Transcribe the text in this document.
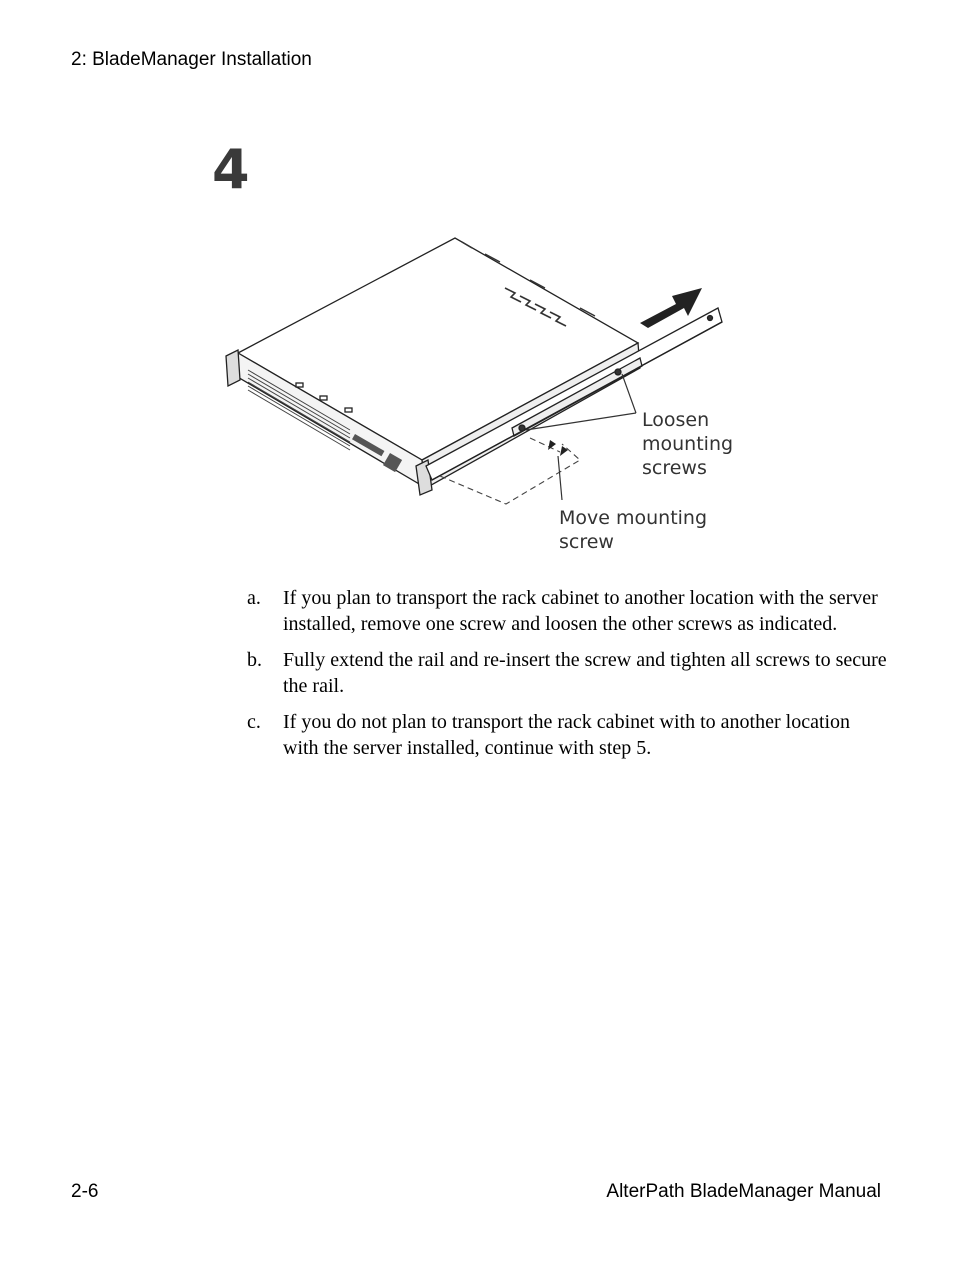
2: BladeManager Installation
4
Loosen mounting screws
Move mounting screw
a.	If you plan to transport the rack cabinet to another location with the server installed, remove one screw and loosen the other screws as indicated.
b.	Fully extend the rail and re-insert the screw and tighten all screws to secure the rail.
c.	If you do not plan to transport the rack cabinet with to another location with the server installed, continue with step 5.
2-6	AlterPath BladeManager Manual
